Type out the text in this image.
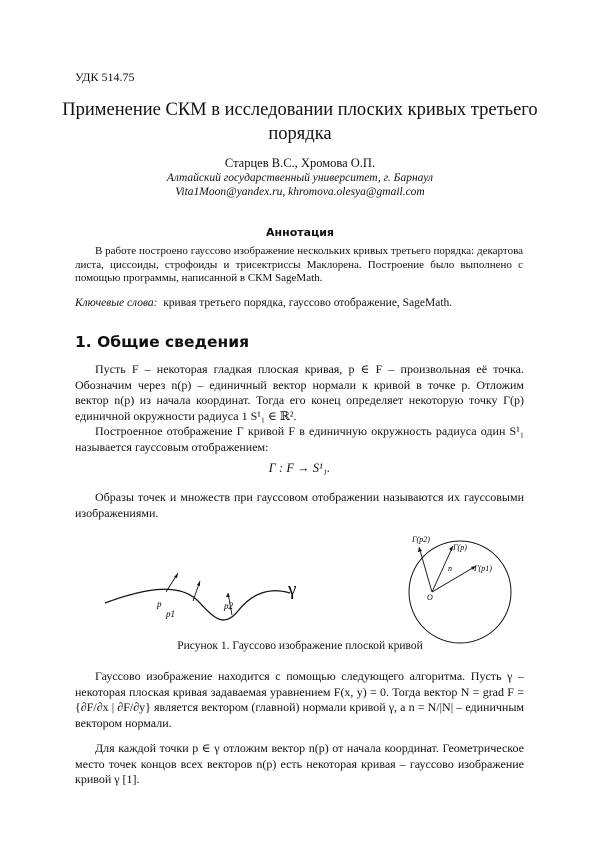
УДК 514.75
Применение СКМ в исследовании плоских кривых третьего порядка
Старцев В.С., Хромова О.П.
Алтайский государственный университет, г. Барнаул
Vita1Moon@yandex.ru, khromova.olesya@gmail.com
Аннотация
В работе построено гауссово изображение нескольких кривых третьего порядка: декартова листа, циссоиды, строфоиды и трисектриссы Маклорена. Построение было выполнено с помощью программы, написанной в СКМ SageMath.
Ключевые слова: кривая третьего порядка, гауссово отображение, SageMath.
1. Общие сведения
Пусть F – некоторая гладкая плоская кривая, p ∈ F – произвольная её точка. Обозначим через n(p) – единичный вектор нормали к кривой в точке p. Отложим вектор n(p) из начала координат. Тогда его конец определяет некоторую точку Γ(p) единичной окружности радиуса 1 S¹₁ ∈ ℝ².
Построенное отображение Γ кривой F в единичную окружность радиуса один S¹₁ называется гауссовым отображением:
Γ : F → S¹₁.
Образы точек и множеств при гауссовом отображении называются их гауссовыми изображениями.
p
p1
p2
γ
Γ(p2)
Γ(p)
Γ(p1)
n
O
Рисунок 1. Гауссово изображение плоской кривой
Гауссово изображение находится с помощью следующего алгоритма. Пусть γ – некоторая плоская кривая задаваемая уравнением F(x, y) = 0. Тогда вектор N = grad F = {∂F/∂x | ∂F/∂y} является вектором (главной) нормали кривой γ, а n = N/|N| – единичным вектором нормали.
Для каждой точки p ∈ γ отложим вектор n(p) от начала координат. Геометрическое место точек концов всех векторов n(p) есть некоторая кривая – гауссово изображение кривой γ [1].
